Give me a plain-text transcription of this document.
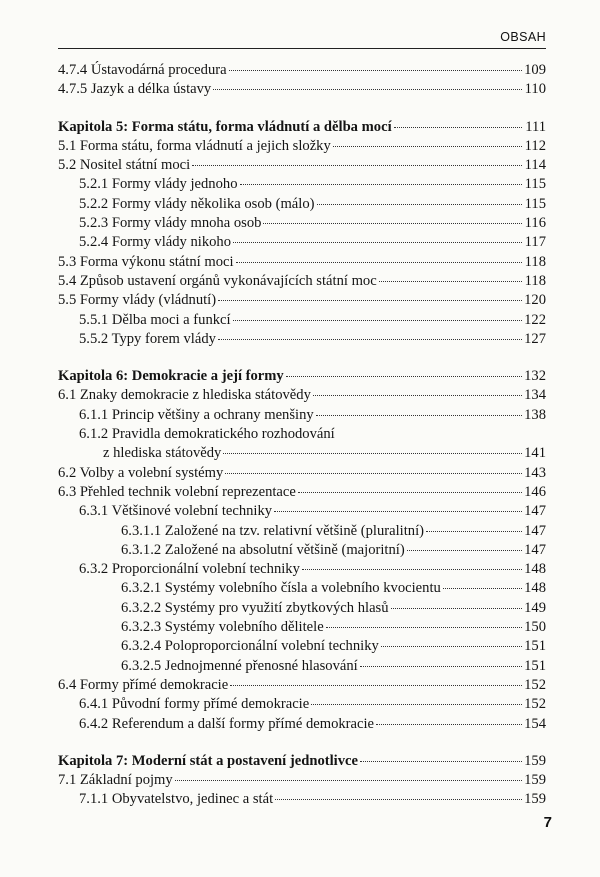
OBSAH
4.7.4 Ústavodárná procedura	109
4.7.5 Jazyk a délka ústavy	110
Kapitola 5: Forma státu, forma vládnutí a dělba mocí	111
5.1 Forma státu, forma vládnutí a jejich složky	112
5.2 Nositel státní moci	114
5.2.1 Formy vlády jednoho	115
5.2.2 Formy vlády několika osob (málo)	115
5.2.3 Formy vlády mnoha osob	116
5.2.4 Formy vlády nikoho	117
5.3 Forma výkonu státní moci	118
5.4 Způsob ustavení orgánů vykonávajících státní moc	118
5.5 Formy vlády (vládnutí)	120
5.5.1 Dělba moci a funkcí	122
5.5.2 Typy forem vlády	127
Kapitola 6: Demokracie a její formy	132
6.1 Znaky demokracie z hlediska státovědy	134
6.1.1 Princip většiny a ochrany menšiny	138
6.1.2 Pravidla demokratického rozhodování
z hlediska státovědy	141
6.2 Volby a volební systémy	143
6.3 Přehled technik volební reprezentace	146
6.3.1 Většinové volební techniky	147
6.3.1.1 Založené na tzv. relativní většině (pluralitní)	147
6.3.1.2 Založené na absolutní většině (majoritní)	147
6.3.2 Proporcionální volební techniky	148
6.3.2.1 Systémy volebního čísla a volebního kvocientu	148
6.3.2.2 Systémy pro využití zbytkových hlasů	149
6.3.2.3 Systémy volebního dělitele	150
6.3.2.4 Poloproporcionální volební techniky	151
6.3.2.5 Jednojmenné přenosné hlasování	151
6.4 Formy přímé demokracie	152
6.4.1 Původní formy přímé demokracie	152
6.4.2 Referendum a další formy přímé demokracie	154
Kapitola 7: Moderní stát a postavení jednotlivce	159
7.1 Základní pojmy	159
7.1.1 Obyvatelstvo, jedinec a stát	159
7
